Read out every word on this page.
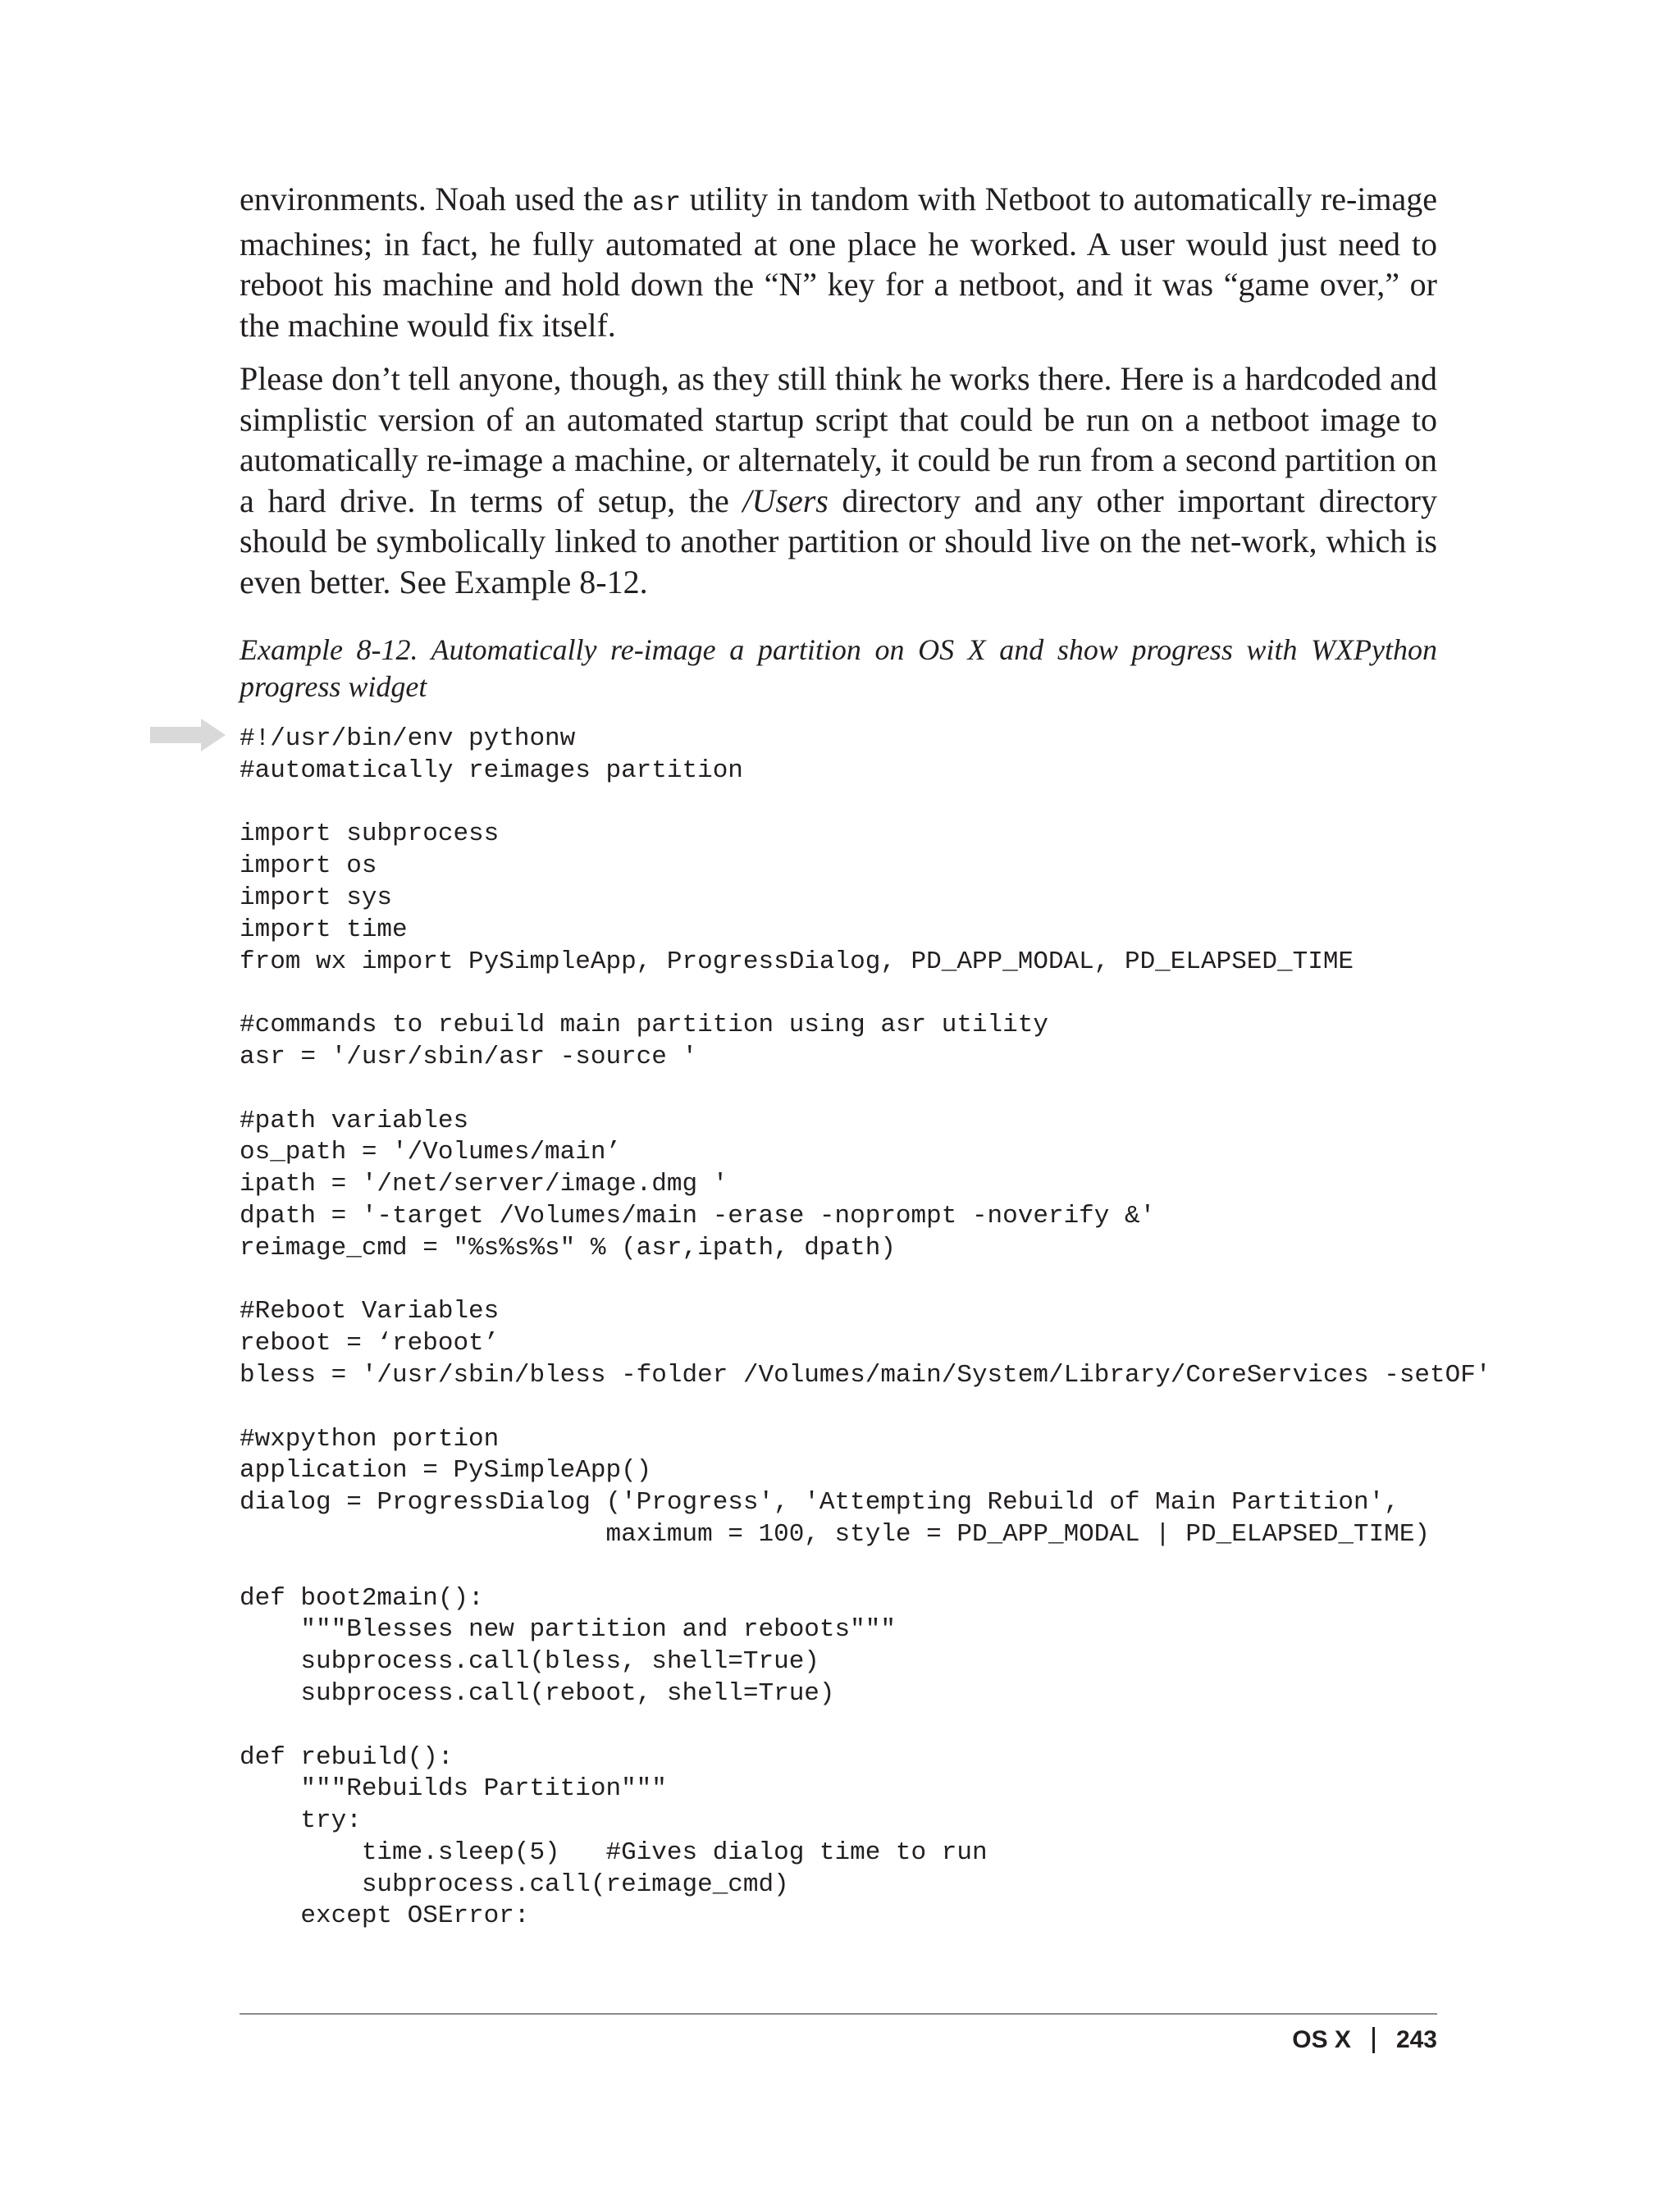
environments. Noah used the asr utility in tandom with Netboot to automatically re-image machines; in fact, he fully automated at one place he worked. A user would just need to reboot his machine and hold down the “N” key for a netboot, and it was “game over,” or the machine would fix itself.

Please don’t tell anyone, though, as they still think he works there. Here is a hardcoded and simplistic version of an automated startup script that could be run on a netboot image to automatically re-image a machine, or alternately, it could be run from a second partition on a hard drive. In terms of setup, the /Users directory and any other important directory should be symbolically linked to another partition or should live on the net-work, which is even better. See Example 8-12.

Example 8-12. Automatically re-image a partition on OS X and show progress with WXPython progress widget

#!/usr/bin/env pythonw
#automatically reimages partition
import subprocess
import os
import sys
import time
from wx import PySimpleApp, ProgressDialog, PD_APP_MODAL, PD_ELAPSED_TIME
#commands to rebuild main partition using asr utility
asr = '/usr/sbin/asr -source '
#path variables
os_path = '/Volumes/main’
ipath = '/net/server/image.dmg '
dpath = '-target /Volumes/main -erase -noprompt -noverify &'
reimage_cmd = "%s%s%s" % (asr,ipath, dpath)
#Reboot Variables
reboot = ‘reboot’
bless = '/usr/sbin/bless -folder /Volumes/main/System/Library/CoreServices -setOF'
#wxpython portion
application = PySimpleApp()
dialog = ProgressDialog ('Progress', 'Attempting Rebuild of Main Partition',
maximum = 100, style = PD_APP_MODAL | PD_ELAPSED_TIME)
def boot2main():
"""Blesses new partition and reboots"""
subprocess.call(bless, shell=True)
subprocess.call(reboot, shell=True)
def rebuild():
"""Rebuilds Partition"""
try:
time.sleep(5)   #Gives dialog time to run
subprocess.call(reimage_cmd)
except OSError:
OS X 243
